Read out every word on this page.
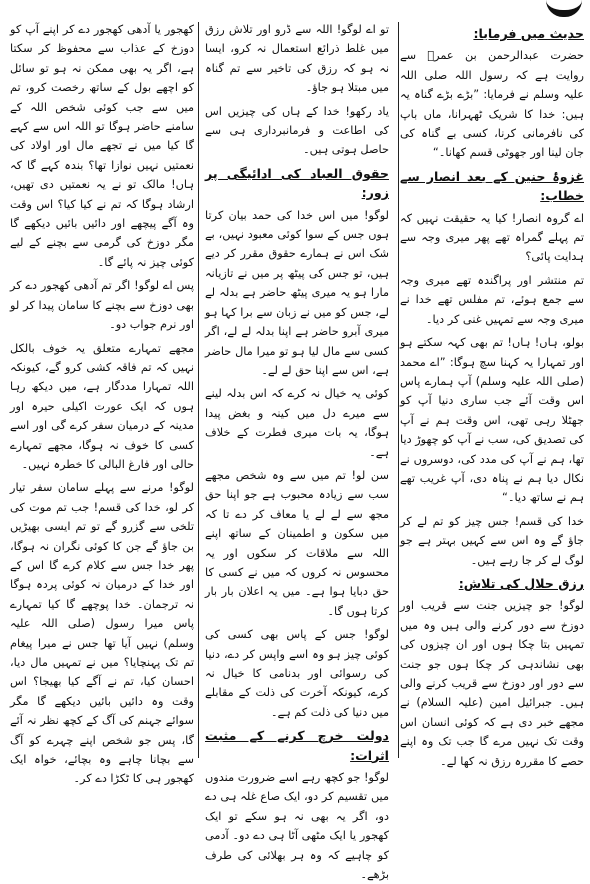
حدیث میں فرمایا:

حضرت عبدالرحمن بن عمرؓ سے روایت ہے کہ رسول اللہ صلی اللہ علیہ وسلم نے فرمایا: ”بڑے بڑے گناہ یہ ہیں: خدا کا شریک ٹھہرانا، ماں باپ کی نافرمانی کرنا، کسی بے گناہ کی جان لینا اور جھوٹی قسم کھانا۔“

غزوۂ حنین کے بعد انصار سے خطاب:

اے گروہ انصار! کیا یہ حقیقت نہیں کہ تم پہلے گمراہ تھے پھر میری وجہ سے ہدایت پائی؟

تم منتشر اور پراگندہ تھے میری وجہ سے جمع ہوئے، تم مفلس تھے خدا نے میری وجہ سے تمہیں غنی کر دیا۔

بولو، ہاں! ہاں! تم بھی کہہ سکتے ہو اور تمہارا یہ کہنا سچ ہوگا: ”اے محمد (صلی اللہ علیہ وسلم) آپ ہمارے پاس اس وقت آئے جب ساری دنیا آپ کو جھٹلا رہی تھی، اس وقت ہم نے آپ کی تصدیق کی، سب نے آپ کو چھوڑ دیا تھا، ہم نے آپ کی مدد کی، دوسروں نے نکال دیا ہم نے پناہ دی، آپ غریب تھے ہم نے ساتھ دیا۔“

خدا کی قسم! جس چیز کو تم لے کر جاؤ گے وہ اس سے کہیں بہتر ہے جو لوگ لے کر جا رہے ہیں۔

رزق حلال کی تلاش:

لوگو! جو چیزیں جنت سے قریب اور دوزخ سے دور کرنے والی ہیں وہ میں تمہیں بتا چکا ہوں اور ان چیزوں کی بھی نشاندہی کر چکا ہوں جو جنت سے دور اور دوزخ سے قریب کرنے والی ہیں۔ جبرائیل امین (علیہ السلام) نے مجھے خبر دی ہے کہ کوئی انسان اس وقت تک نہیں مرے گا جب تک وہ اپنے حصے کا مقررہ رزق نہ کھا لے۔

تو اے لوگو! اللہ سے ڈرو اور تلاش رزق میں غلط ذرائع استعمال نہ کرو، ایسا نہ ہو کہ رزق کی تاخیر سے تم گناہ میں مبتلا ہو جاؤ۔

یاد رکھو! خدا کے ہاں کی چیزیں اس کی اطاعت و فرمانبرداری ہی سے حاصل ہوتی ہیں۔

حقوق العباد کی ادائیگی پر زور:

لوگو! میں اس خدا کی حمد بیان کرتا ہوں جس کے سوا کوئی معبود نہیں، بے شک اس نے ہمارے حقوق مقرر کر دیے ہیں، تو جس کی پیٹھ پر میں نے تازیانہ مارا ہو یہ میری پیٹھ حاضر ہے بدلہ لے لے، جس کو میں نے زبان سے برا کہا ہو میری آبرو حاضر ہے اپنا بدلہ لے لے، اگر کسی سے مال لیا ہو تو میرا مال حاضر ہے، اس سے اپنا حق لے لے۔

کوئی یہ خیال نہ کرے کہ اس بدلہ لینے سے میرے دل میں کینہ و بغض پیدا ہوگا، یہ بات میری فطرت کے خلاف ہے۔

سن لو! تم میں سے وہ شخص مجھے سب سے زیادہ محبوب ہے جو اپنا حق مجھ سے لے لے یا معاف کر دے تا کہ میں سکون و اطمینان کے ساتھ اپنے اللہ سے ملاقات کر سکوں اور یہ محسوس نہ کروں کہ میں نے کسی کا حق دبایا ہوا ہے۔ میں یہ اعلان بار بار کرتا ہوں گا۔

لوگو! جس کے پاس بھی کسی کی کوئی چیز ہو وہ اسے واپس کر دے، دنیا کی رسوائی اور بدنامی کا خیال نہ کرے، کیونکہ آخرت کی ذلت کے مقابلے میں دنیا کی ذلت کم ہے۔

دولت خرچ کرنے کے مثبت اثرات:

لوگو! جو کچھ رہے اسے ضرورت مندوں میں تقسیم کر دو، ایک صاع غلہ ہی دے دو، اگر یہ بھی نہ ہو سکے تو ایک کھجور یا ایک مٹھی آٹا ہی دے دو۔ آدمی کو چاہیے کہ وہ ہر بھلائی کی طرف بڑھے۔

کھجور یا آدھی کھجور دے کر اپنے آپ کو دوزخ کے عذاب سے محفوظ کر سکتا ہے، اگر یہ بھی ممکن نہ ہو تو سائل کو اچھے بول کے ساتھ رخصت کرو، تم میں سے جب کوئی شخص اللہ کے سامنے حاضر ہوگا تو اللہ اس سے کہے گا کیا میں نے تجھے مال اور اولاد کی نعمتیں نہیں نوازا تھا؟ بندہ کہے گا کہ ہاں! مالک تو نے یہ نعمتیں دی تھیں، ارشاد ہوگا کہ تم نے کیا کیا؟ اس وقت وہ آگے پیچھے اور دائیں بائیں دیکھے گا مگر دوزخ کی گرمی سے بچنے کے لیے کوئی چیز نہ پائے گا۔

پس اے لوگو! اگر تم آدھی کھجور دے کر بھی دوزخ سے بچنے کا سامان پیدا کر لو اور نرم جواب دو۔

مجھے تمہارے متعلق یہ خوف بالکل نہیں کہ تم فاقہ کشی کرو گے، کیونکہ اللہ تمہارا مددگار ہے، میں دیکھ رہا ہوں کہ ایک عورت اکیلی حیرہ اور مدینہ کے درمیان سفر کرے گی اور اسے کسی کا خوف نہ ہوگا، مجھے تمہارے حالی اور فارغ البالی کا خطرہ نہیں۔

لوگو! مرنے سے پہلے سامان سفر تیار کر لو، خدا کی قسم! جب تم موت کی تلخی سے گزرو گے تو تم ایسی بھیڑیں بن جاؤ گے جن کا کوئی نگران نہ ہوگا، پھر خدا جس سے کلام کرے گا اس کے اور خدا کے درمیان نہ کوئی پردہ ہوگا نہ ترجمان۔ خدا پوچھے گا کیا تمہارے پاس میرا رسول (صلی اللہ علیہ وسلم) نہیں آیا تھا جس نے میرا پیغام تم تک پہنچایا؟ میں نے تمہیں مال دیا، احسان کیا، تم نے آگے کیا بھیجا؟ اس وقت وہ دائیں بائیں دیکھے گا مگر سوائے جہنم کی آگ کے کچھ نظر نہ آئے گا، پس جو شخص اپنے چہرے کو آگ سے بچانا چاہے وہ بچائے، خواہ ایک کھجور ہی کا ٹکڑا دے کر۔
